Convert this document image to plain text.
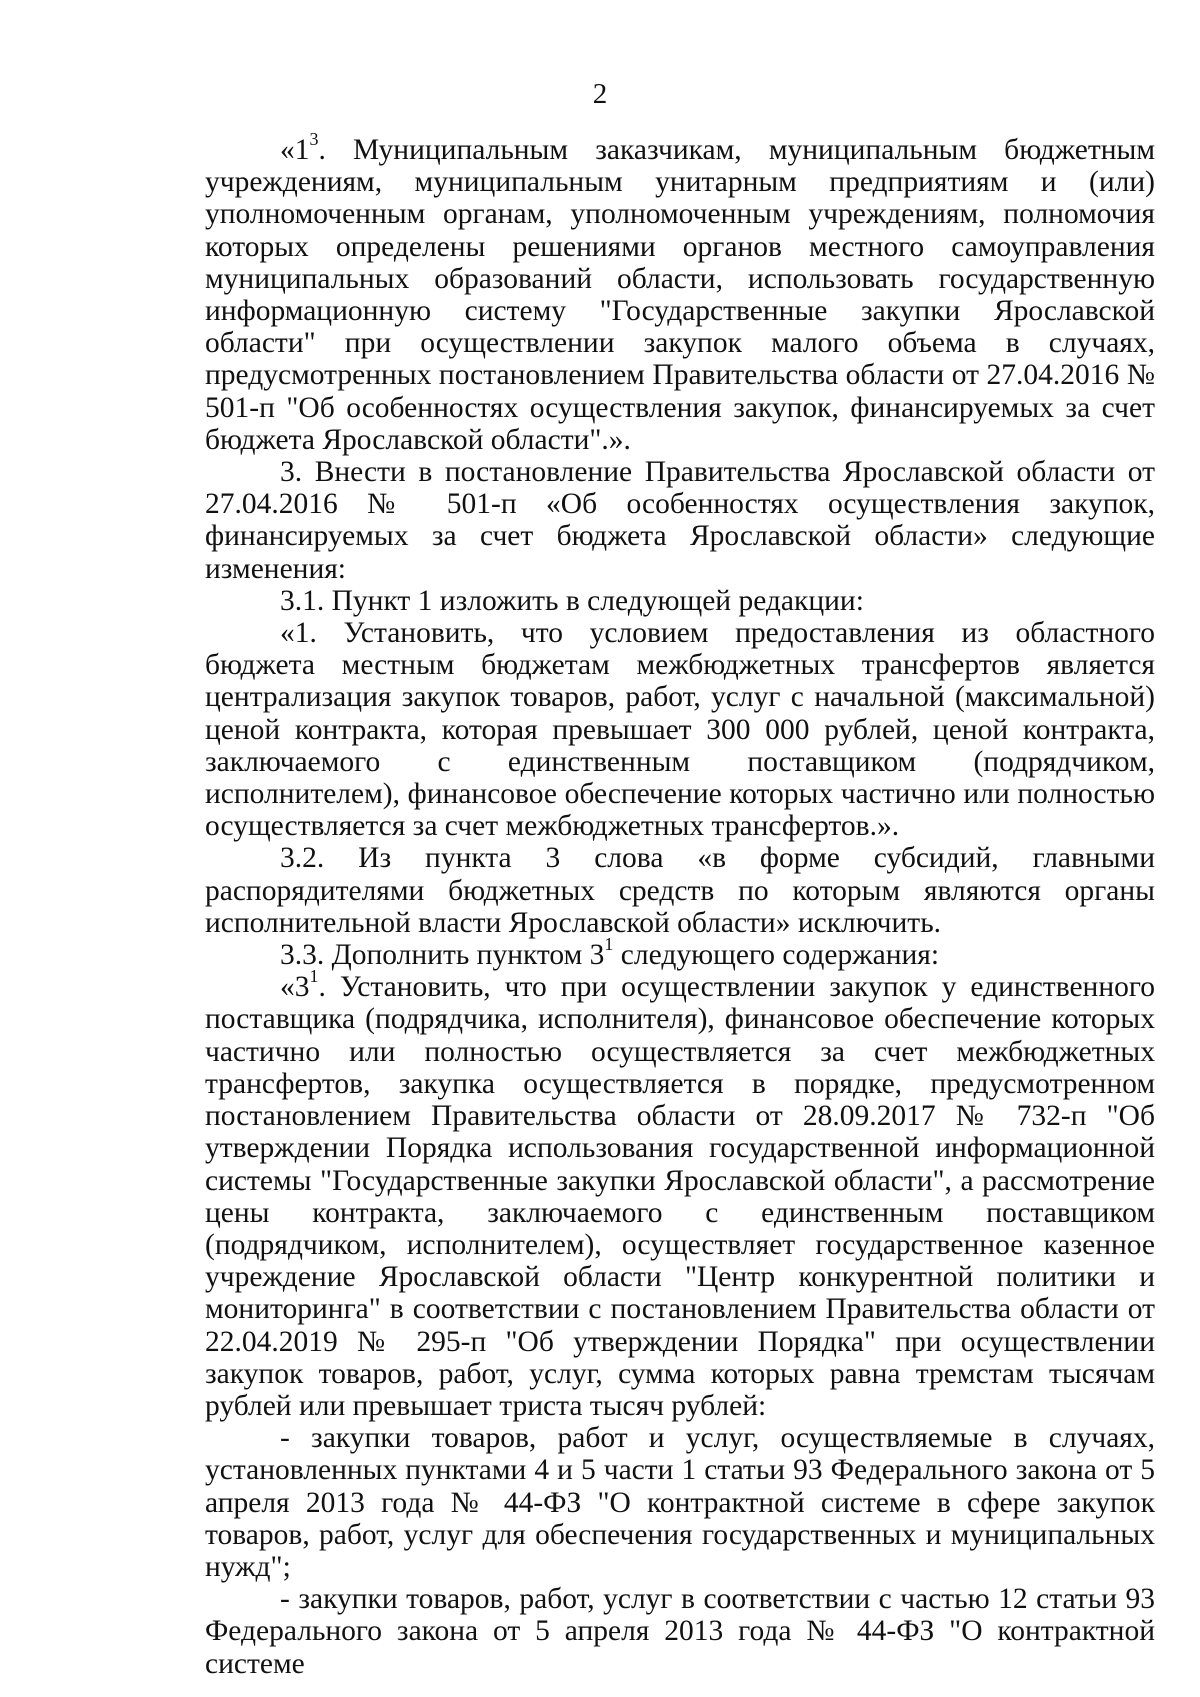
2

«$1^3$. Муниципальным заказчикам, муниципальным бюджетным учреждениям, муниципальным унитарным предприятиям и (или) уполномоченным органам, уполномоченным учреждениям, полномочия которых определены решениями органов местного самоуправления муниципальных образований области, использовать государственную информационную систему "Государственные закупки Ярославской области" при осуществлении закупок малого объема в случаях, предусмотренных постановлением Правительства области от 27.04.2016 № 501-п "Об особенностях осуществления закупок, финансируемых за счет бюджета Ярославской области".».

3. Внести в постановление Правительства Ярославской области от 27.04.2016 № 501-п «Об особенностях осуществления закупок, финансируемых за счет бюджета Ярославской области» следующие изменения:

3.1. Пункт 1 изложить в следующей редакции:

«1. Установить, что условием предоставления из областного бюджета местным бюджетам межбюджетных трансфертов является централизация закупок товаров, работ, услуг с начальной (максимальной) ценой контракта, которая превышает 300 000 рублей, ценой контракта, заключаемого с единственным поставщиком (подрядчиком, исполнителем), финансовое обеспечение которых частично или полностью осуществляется за счет межбюджетных трансфертов.».

3.2. Из пункта 3 слова «в форме субсидий, главными распорядителями бюджетных средств по которым являются органы исполнительной власти Ярославской области» исключить.

3.3. Дополнить пунктом $3^1$ следующего содержания:

«$3^1$. Установить, что при осуществлении закупок у единственного поставщика (подрядчика, исполнителя), финансовое обеспечение которых частично или полностью осуществляется за счет межбюджетных трансфертов, закупка осуществляется в порядке, предусмотренном постановлением Правительства области от 28.09.2017 № 732-п "Об утверждении Порядка использования государственной информационной системы "Государственные закупки Ярославской области", а рассмотрение цены контракта, заключаемого с единственным поставщиком (подрядчиком, исполнителем), осуществляет государственное казенное учреждение Ярославской области "Центр конкурентной политики и мониторинга" в соответствии с постановлением Правительства области от 22.04.2019 № 295-п "Об утверждении Порядка" при осуществлении закупок товаров, работ, услуг, сумма которых равна тремстам тысячам рублей или превышает триста тысяч рублей:

- закупки товаров, работ и услуг, осуществляемые в случаях, установленных пунктами 4 и 5 части 1 статьи 93 Федерального закона от 5 апреля 2013 года № 44-ФЗ "О контрактной системе в сфере закупок товаров, работ, услуг для обеспечения государственных и муниципальных нужд";

- закупки товаров, работ, услуг в соответствии с частью 12 статьи 93 Федерального закона от 5 апреля 2013 года № 44-ФЗ "О контрактной системе
